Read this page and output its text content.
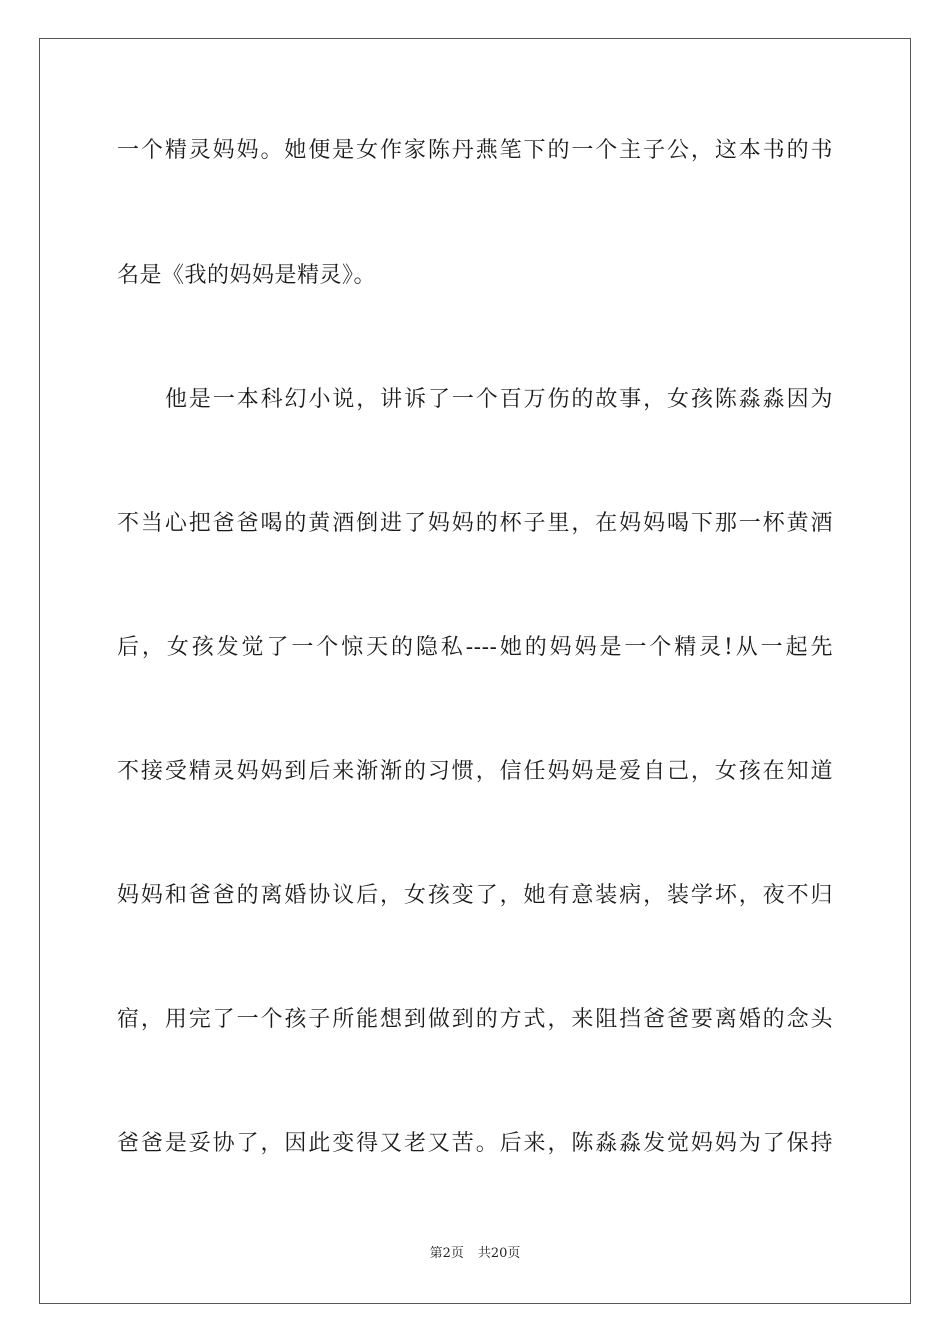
一个精灵妈妈。她便是女作家陈丹燕笔下的一个主子公，这本书的书
名是《我的妈妈是精灵》。
他是一本科幻小说，讲诉了一个百万伤的故事，女孩陈淼淼因为
不当心把爸爸喝的黄酒倒进了妈妈的杯子里，在妈妈喝下那一杯黄酒
后，女孩发觉了一个惊天的隐私----她的妈妈是一个精灵!从一起先
不接受精灵妈妈到后来渐渐的习惯，信任妈妈是爱自己，女孩在知道
妈妈和爸爸的离婚协议后，女孩变了，她有意装病，装学坏，夜不归
宿，用完了一个孩子所能想到做到的方式，来阻挡爸爸要离婚的念头
爸爸是妥协了，因此变得又老又苦。后来，陈淼淼发觉妈妈为了保持
第2页 共20页
